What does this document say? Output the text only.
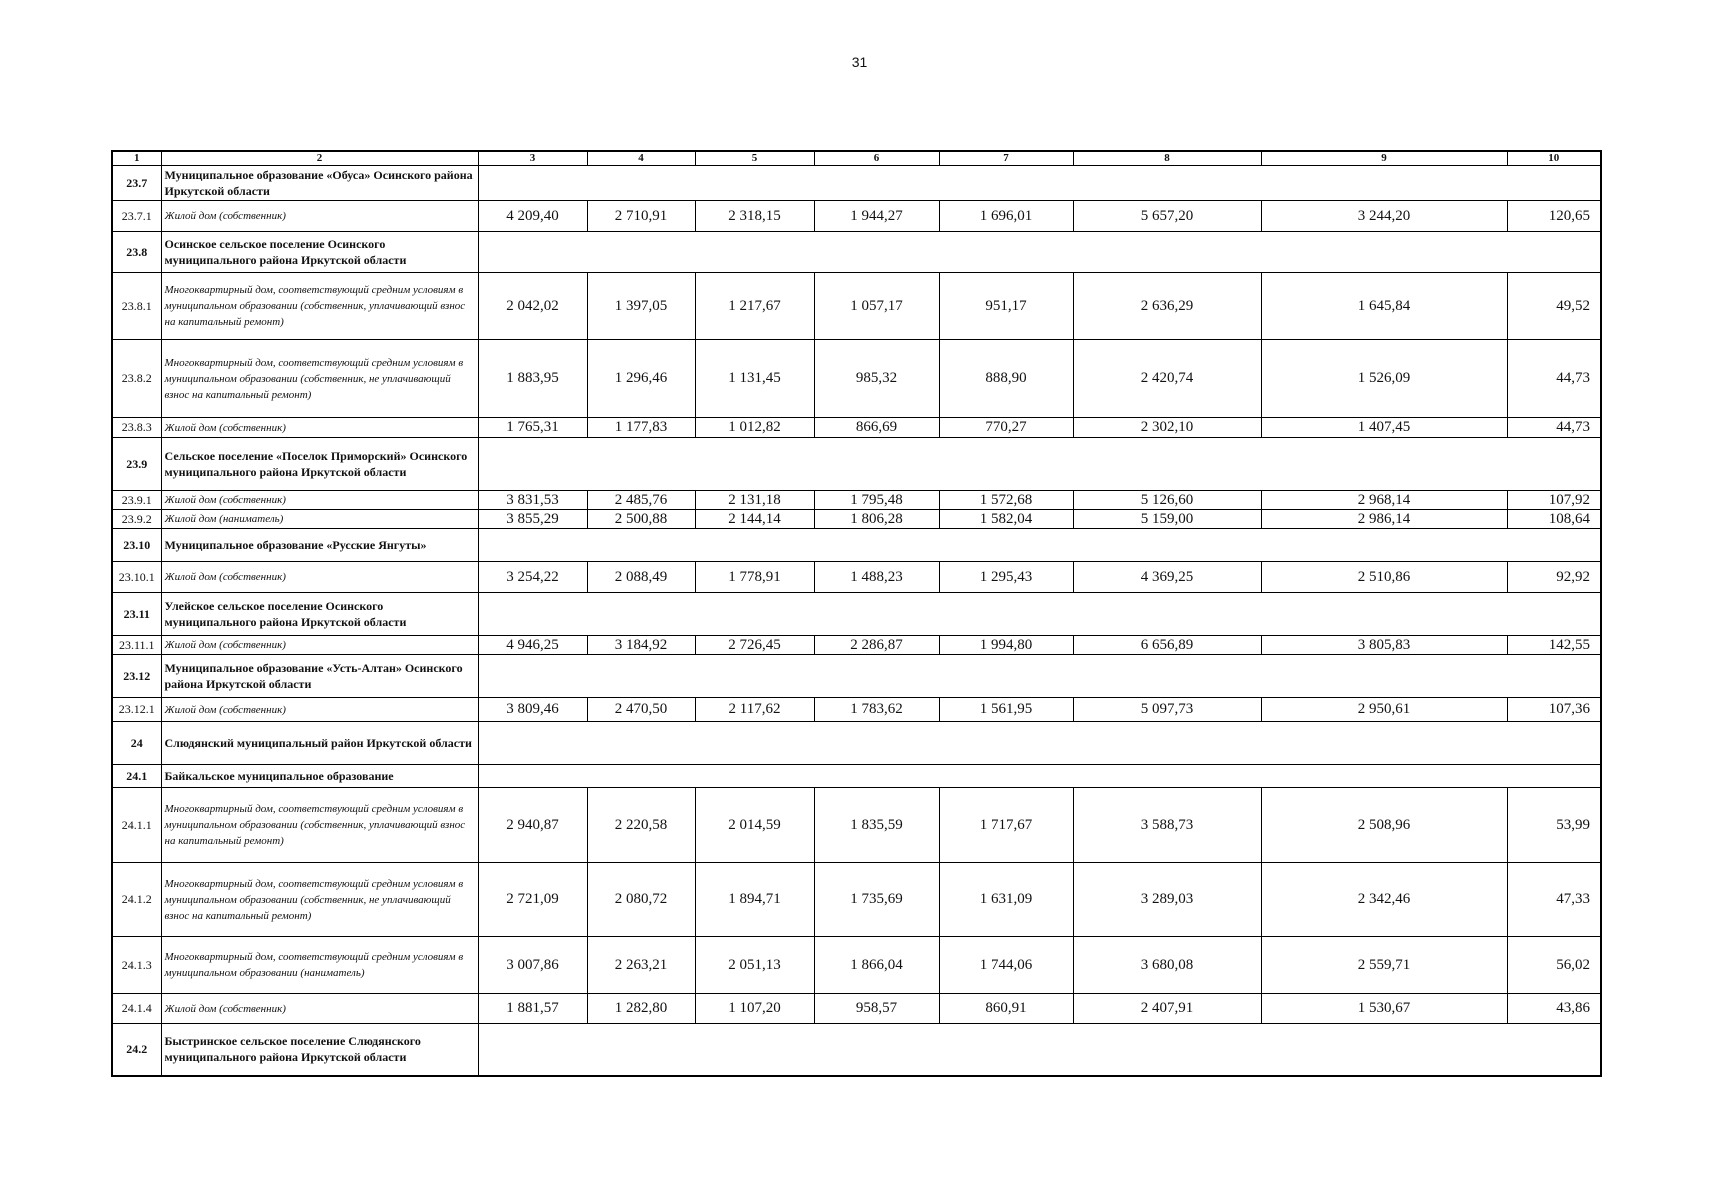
31
1	2	3	4	5	6	7	8	9	10
23.7	Муниципальное образование «Обуса» Осинского района Иркутской области								
23.7.1	Жилой дом (собственник)	4 209,40	2 710,91	2 318,15	1 944,27	1 696,01	5 657,20	3 244,20	120,65
23.8	Осинское сельское поселение Осинского муниципального района Иркутской области								
23.8.1	Многоквартирный дом, соответствующий средним условиям в муниципальном образовании (собственник, уплачивающий взнос на капитальный ремонт)	2 042,02	1 397,05	1 217,67	1 057,17	951,17	2 636,29	1 645,84	49,52
23.8.2	Многоквартирный дом, соответствующий средним условиям в муниципальном образовании (собственник, не уплачивающий взнос на капитальный ремонт)	1 883,95	1 296,46	1 131,45	985,32	888,90	2 420,74	1 526,09	44,73
23.8.3	Жилой дом (собственник)	1 765,31	1 177,83	1 012,82	866,69	770,27	2 302,10	1 407,45	44,73
23.9	Сельское поселение «Поселок Приморский» Осинского муниципального района Иркутской области								
23.9.1	Жилой дом (собственник)	3 831,53	2 485,76	2 131,18	1 795,48	1 572,68	5 126,60	2 968,14	107,92
23.9.2	Жилой дом (наниматель)	3 855,29	2 500,88	2 144,14	1 806,28	1 582,04	5 159,00	2 986,14	108,64
23.10	Муниципальное образование «Русские Янгуты»								
23.10.1	Жилой дом (собственник)	3 254,22	2 088,49	1 778,91	1 488,23	1 295,43	4 369,25	2 510,86	92,92
23.11	Улейское сельское поселение Осинского муниципального района Иркутской области								
23.11.1	Жилой дом (собственник)	4 946,25	3 184,92	2 726,45	2 286,87	1 994,80	6 656,89	3 805,83	142,55
23.12	Муниципальное образование «Усть-Алтан» Осинского района Иркутской области								
23.12.1	Жилой дом (собственник)	3 809,46	2 470,50	2 117,62	1 783,62	1 561,95	5 097,73	2 950,61	107,36
24	Слюдянский муниципальный район Иркутской области								
24.1	Байкальское муниципальное образование								
24.1.1	Многоквартирный дом, соответствующий средним условиям в муниципальном образовании (собственник, уплачивающий взнос на капитальный ремонт)	2 940,87	2 220,58	2 014,59	1 835,59	1 717,67	3 588,73	2 508,96	53,99
24.1.2	Многоквартирный дом, соответствующий средним условиям в муниципальном образовании (собственник, не уплачивающий взнос на капитальный ремонт)	2 721,09	2 080,72	1 894,71	1 735,69	1 631,09	3 289,03	2 342,46	47,33
24.1.3	Многоквартирный дом, соответствующий средним условиям в муниципальном образовании (наниматель)	3 007,86	2 263,21	2 051,13	1 866,04	1 744,06	3 680,08	2 559,71	56,02
24.1.4	Жилой дом (собственник)	1 881,57	1 282,80	1 107,20	958,57	860,91	2 407,91	1 530,67	43,86
24.2	Быстринское сельское поселение Слюдянского муниципального района Иркутской области								
